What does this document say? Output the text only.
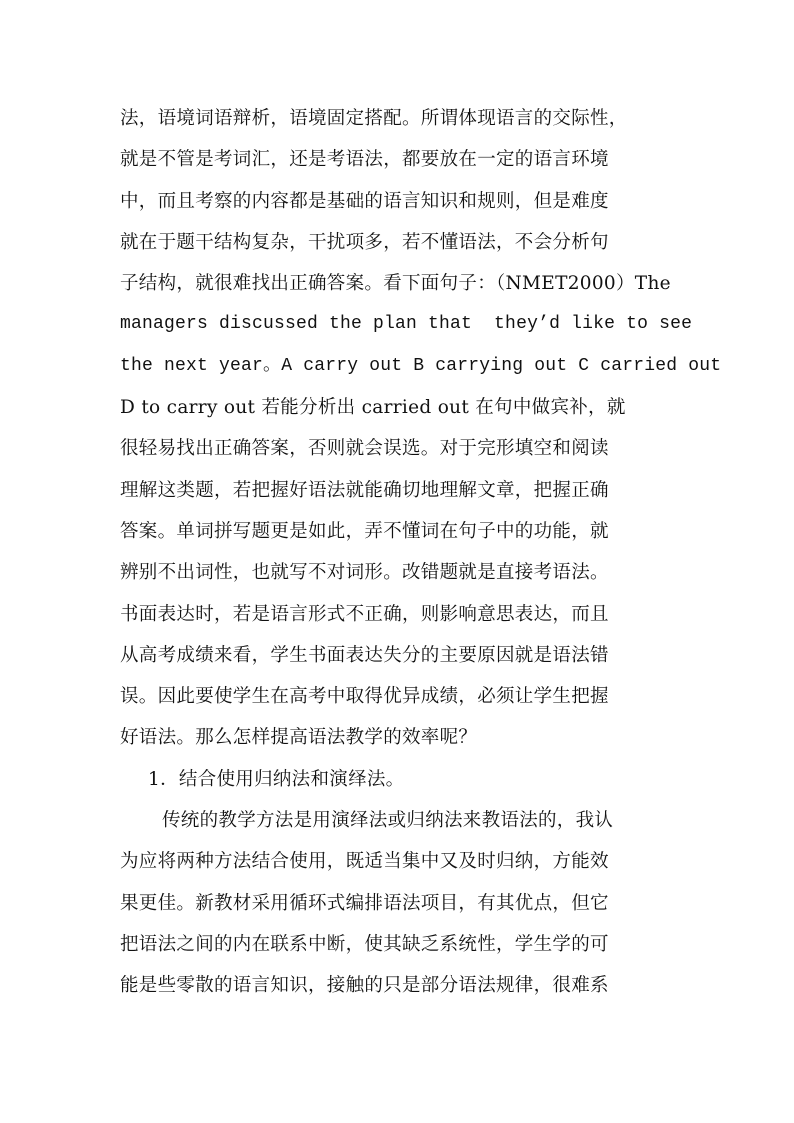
法，语境词语辩析，语境固定搭配。所谓体现语言的交际性，
就是不管是考词汇，还是考语法，都要放在一定的语言环境
中，而且考察的内容都是基础的语言知识和规则，但是难度
就在于题干结构复杂，干扰项多，若不懂语法，不会分析句
子结构，就很难找出正确答案。看下面句子：（NMET2000）The
managers discussed the plan that  they’d like to see
the next year。A carry out B carrying out C carried out
D to carry out 若能分析出 carried out 在句中做宾补，就
很轻易找出正确答案，否则就会误选。对于完形填空和阅读
理解这类题，若把握好语法就能确切地理解文章，把握正确
答案。单词拼写题更是如此，弄不懂词在句子中的功能，就
辨别不出词性，也就写不对词形。改错题就是直接考语法。
书面表达时，若是语言形式不正确，则影响意思表达，而且
从高考成绩来看，学生书面表达失分的主要原因就是语法错
误。因此要使学生在高考中取得优异成绩，必须让学生把握
好语法。那么怎样提高语法教学的效率呢？
1．结合使用归纳法和演绎法。
传统的教学方法是用演绎法或归纳法来教语法的，我认
为应将两种方法结合使用，既适当集中又及时归纳，方能效
果更佳。新教材采用循环式编排语法项目，有其优点，但它
把语法之间的内在联系中断，使其缺乏系统性，学生学的可
能是些零散的语言知识，接触的只是部分语法规律，很难系
